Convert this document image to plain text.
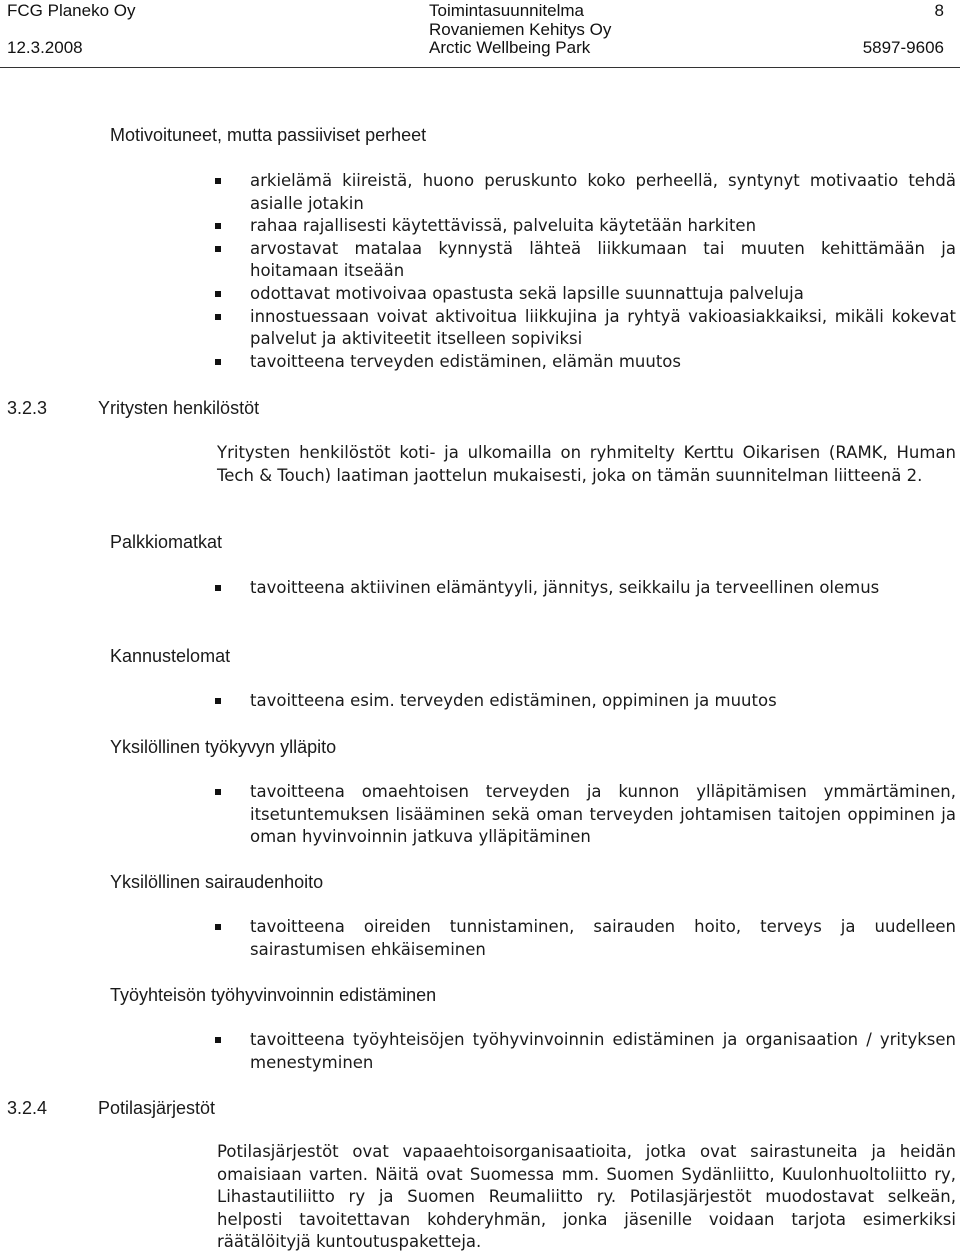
FCG Planeko Oy
12.3.2008
Toimintasuunnitelma
Rovaniemen Kehitys Oy
Arctic Wellbeing Park
8
5897-9606
Motivoituneet, mutta passiiviset perheet
arkielämä kiireistä, huono peruskunto koko perheellä, syntynyt motivaatio tehdä asialle jotakin
rahaa rajallisesti käytettävissä, palveluita käytetään harkiten
arvostavat matalaa kynnystä lähteä liikkumaan tai muuten kehittämään ja hoitamaan itseään
odottavat motivoivaa opastusta sekä lapsille suunnattuja palveluja
innostuessaan voivat aktivoitua liikkujina ja ryhtyä vakioasiakkaiksi, mikäli kokevat palvelut ja aktiviteetit itselleen sopiviksi
tavoitteena terveyden edistäminen, elämän muutos
3.2.3	Yritysten henkilöstöt

Yritysten henkilöstöt koti- ja ulkomailla on ryhmitelty Kerttu Oikarisen (RAMK, Human Tech & Touch) laatiman jaottelun mukaisesti, joka on tämän suunnitelman liitteenä 2.

Palkkiomatkat
tavoitteena aktiivinen elämäntyyli, jännitys, seikkailu ja terveellinen olemus
Kannustelomat
tavoitteena esim. terveyden edistäminen, oppiminen ja muutos
Yksilöllinen työkyvyn ylläpito
tavoitteena omaehtoisen terveyden ja kunnon ylläpitämisen ymmärtäminen, itsetuntemuksen lisääminen sekä oman terveyden johtamisen taitojen oppiminen ja oman hyvinvoinnin jatkuva ylläpitäminen
Yksilöllinen sairaudenhoito
tavoitteena oireiden tunnistaminen, sairauden hoito, terveys ja uudelleen sairastumisen ehkäiseminen
Työyhteisön työhyvinvoinnin edistäminen
tavoitteena työyhteisöjen työhyvinvoinnin edistäminen ja organisaation / yrityksen menestyminen
3.2.4	Potilasjärjestöt

Potilasjärjestöt ovat vapaaehtoisorganisaatioita, jotka ovat sairastuneita ja heidän omaisiaan varten. Näitä ovat Suomessa mm. Suomen Sydänliitto, Kuulonhuoltoliitto ry, Lihastautiliitto ry ja Suomen Reumaliitto ry. Potilasjärjestöt muodostavat selkeän, helposti tavoitettavan kohderyhmän, jonka jäsenille voidaan tarjota esimerkiksi räätälöityjä kuntoutuspaketteja.
